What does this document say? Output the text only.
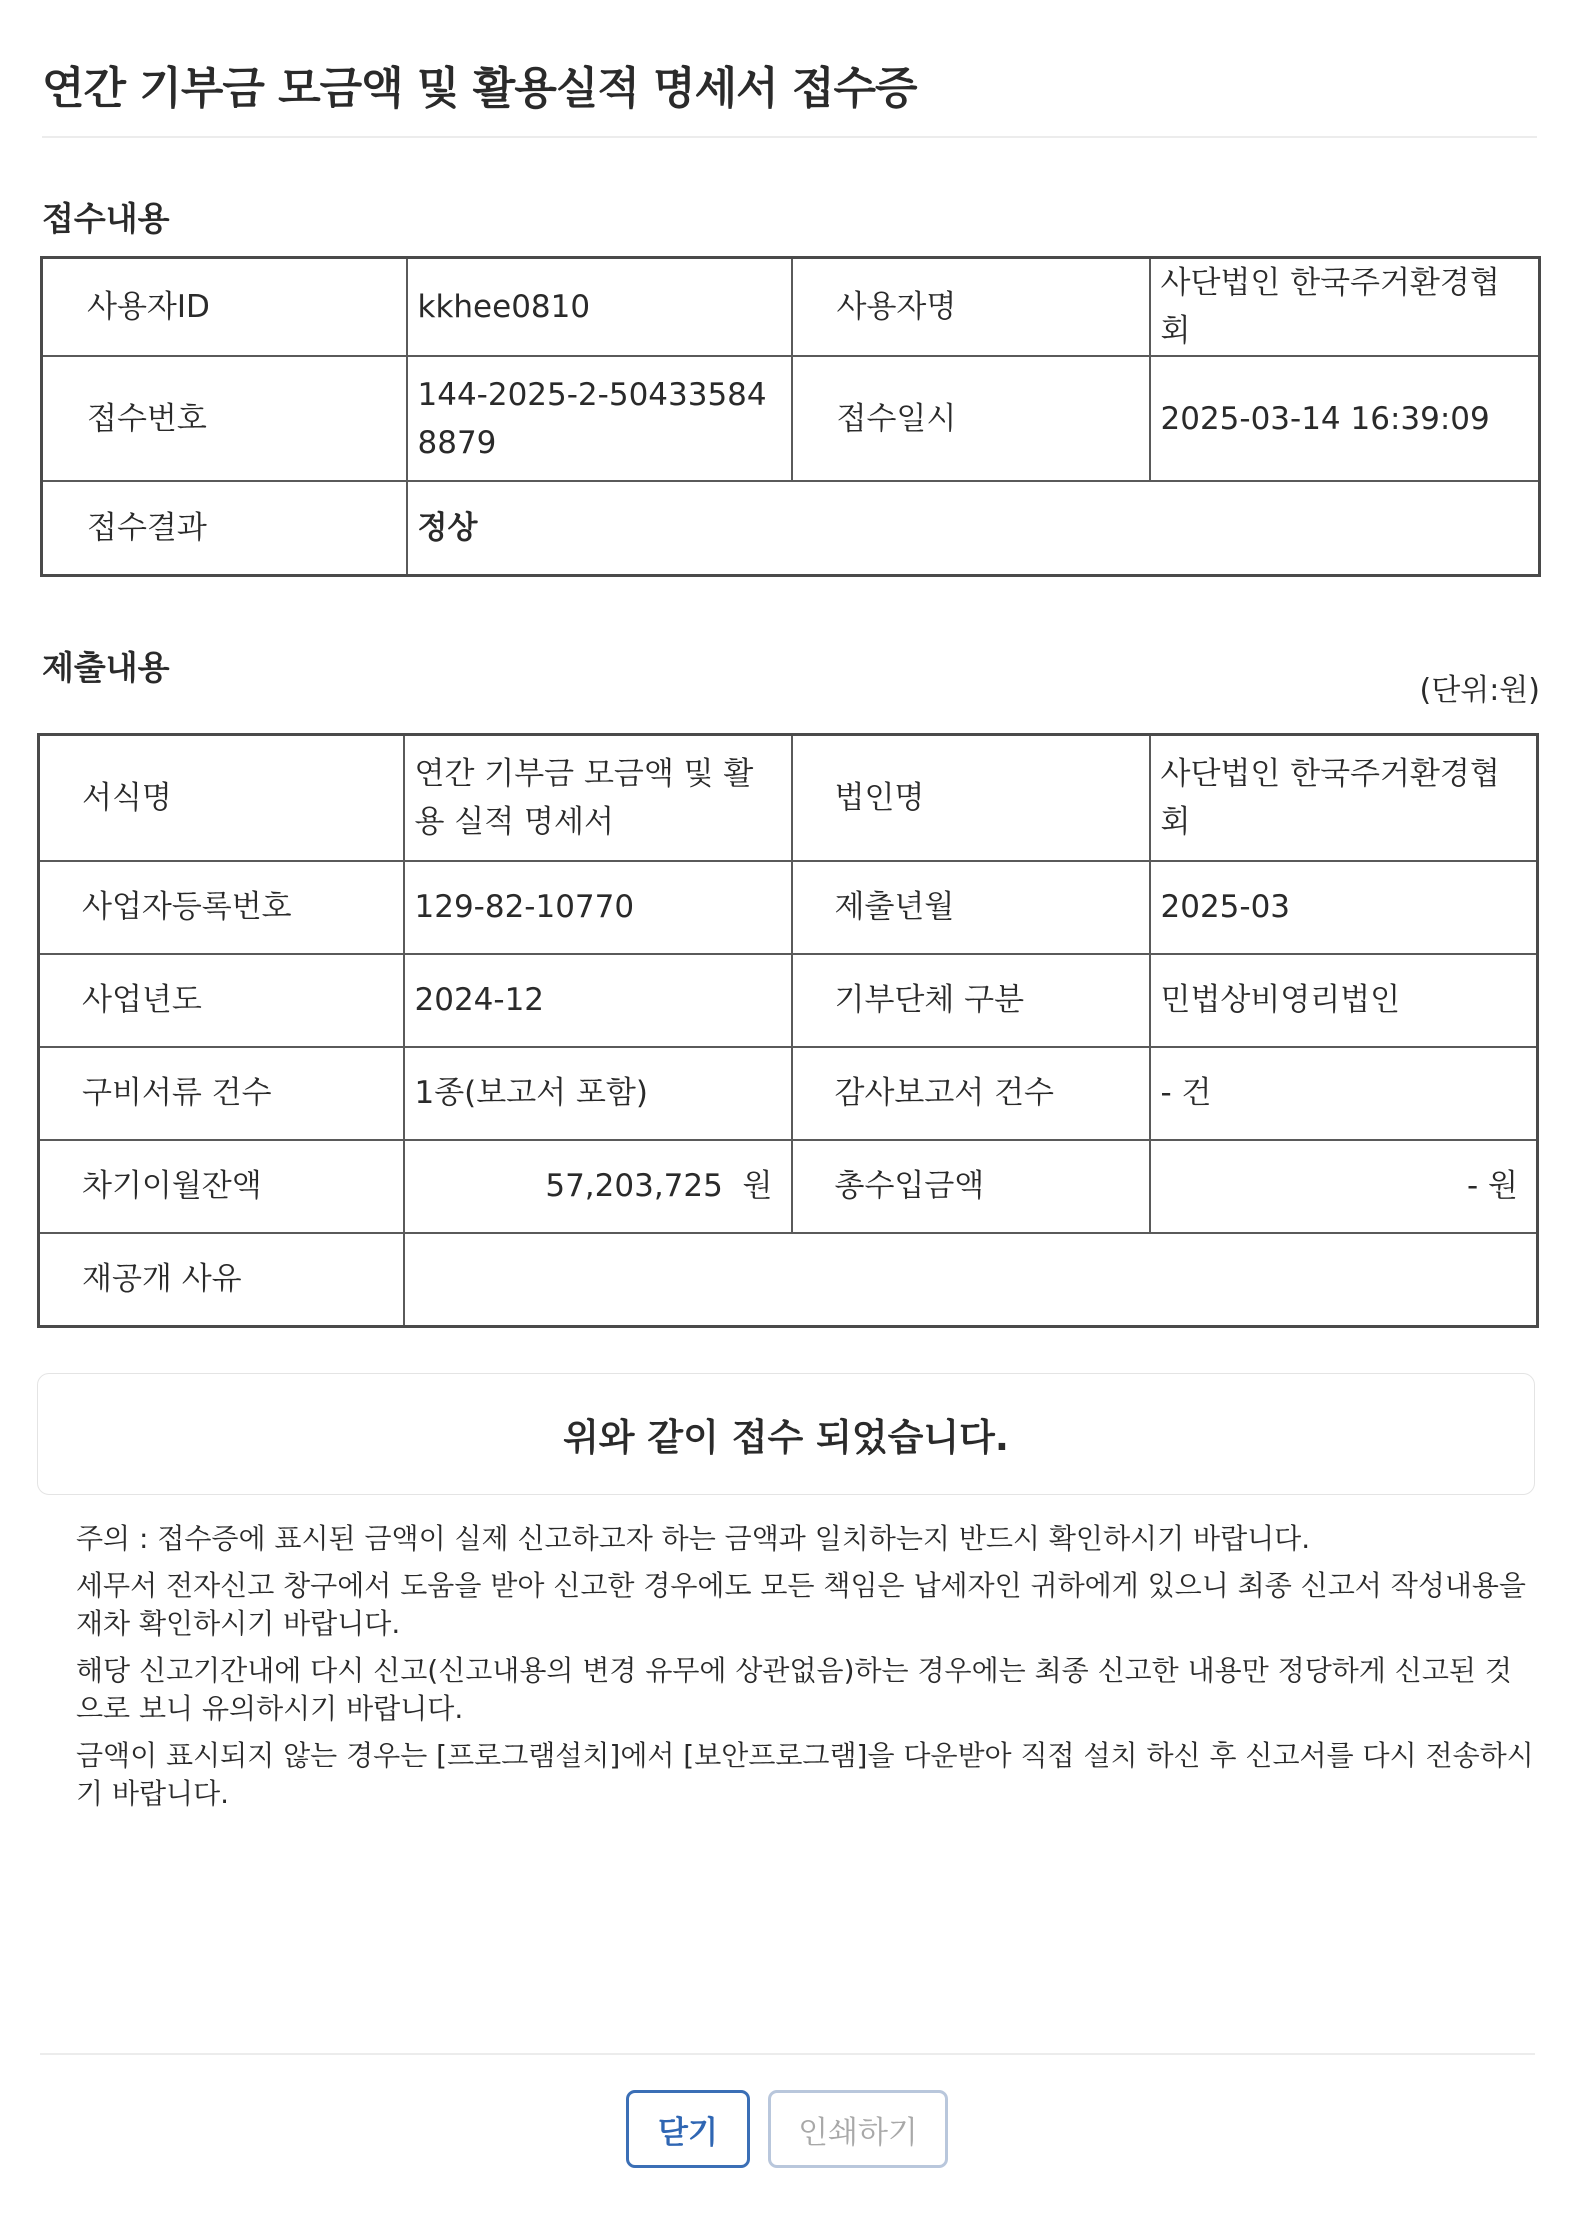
연간 기부금 모금액 및 활용실적 명세서 접수증
접수내용
사용자ID	kkhee0810	사용자명	사단법인 한국주거환경협회
접수번호	144-2025-2-50433584 8879	접수일시	2025-03-14 16:39:09
접수결과	정상		
제출내용
(단위:원)
서식명	연간 기부금 모금액 및 활용 실적 명세서	법인명	사단법인 한국주거환경협회
사업자등록번호	129-82-10770	제출년월	2025-03
사업년도	2024-12	기부단체 구분	민법상비영리법인
구비서류 건수	1종(보고서 포함)	감사보고서 건수	- 건
차기이월잔액	57,203,725  원	총수입금액	- 원
재공개 사유			
위와 같이 접수 되었습니다.
주의 : 접수증에 표시된 금액이 실제 신고하고자 하는 금액과 일치하는지 반드시 확인하시기 바랍니다.
세무서 전자신고 창구에서 도움을 받아 신고한 경우에도 모든 책임은 납세자인 귀하에게 있으니 최종 신고서 작성내용을 재차 확인하시기 바랍니다.
해당 신고기간내에 다시 신고(신고내용의 변경 유무에 상관없음)하는 경우에는 최종 신고한 내용만 정당하게 신고된 것으로 보니 유의하시기 바랍니다.
금액이 표시되지 않는 경우는 [프로그램설치]에서 [보안프로그램]을 다운받아 직접 설치 하신 후 신고서를 다시 전송하시기 바랍니다.
닫기	인쇄하기
